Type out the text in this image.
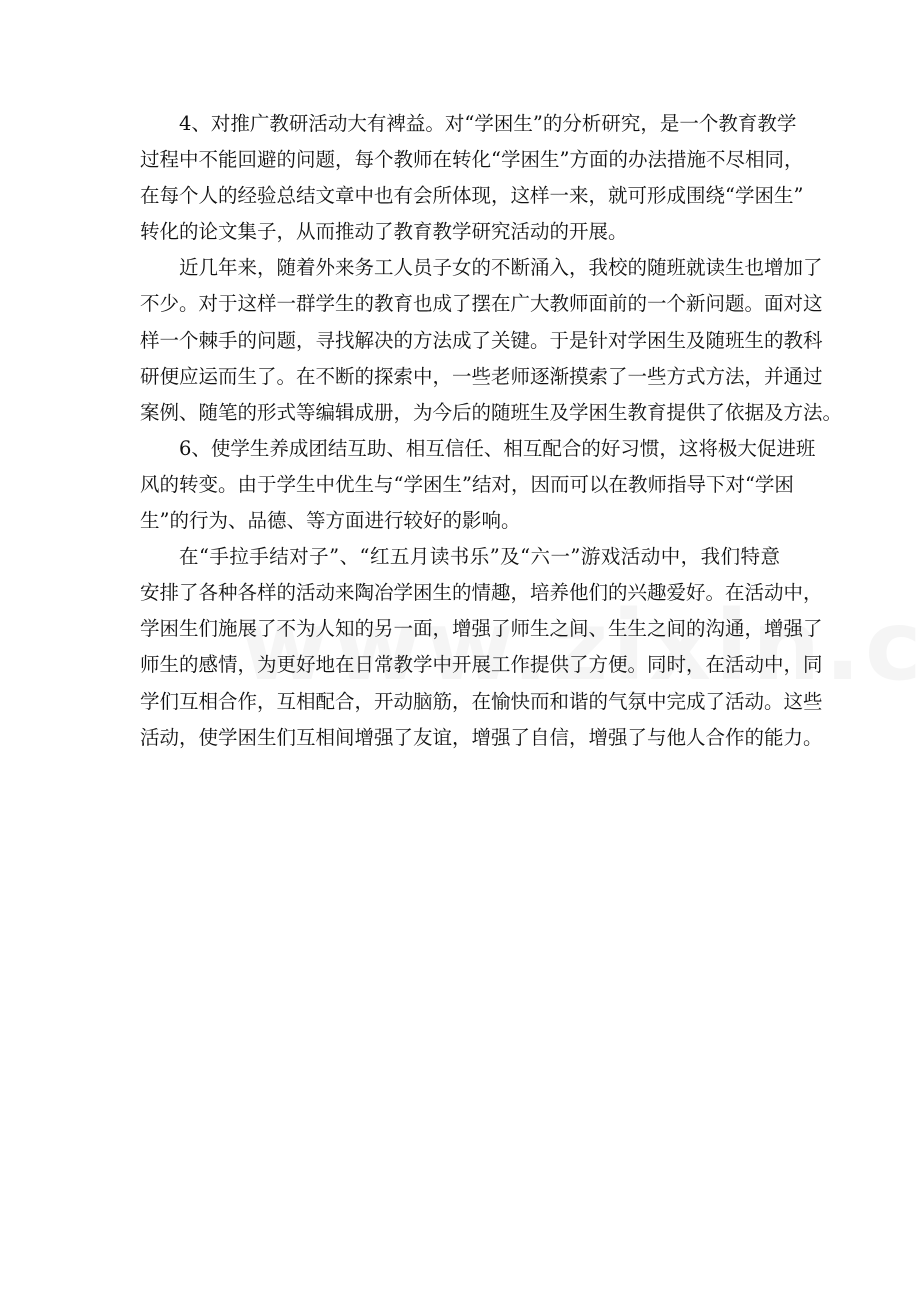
4、对推广教研活动大有裨益。对“学困生”的分析研究，是一个教育教学
过程中不能回避的问题，每个教师在转化“学困生”方面的办法措施不尽相同，
在每个人的经验总结文章中也有会所体现，这样一来，就可形成围绕“学困生”
转化的论文集子，从而推动了教育教学研究活动的开展。
近几年来，随着外来务工人员子女的不断涌入，我校的随班就读生也增加了
不少。对于这样一群学生的教育也成了摆在广大教师面前的一个新问题。面对这
样一个棘手的问题，寻找解决的方法成了关键。于是针对学困生及随班生的教科
研便应运而生了。在不断的探索中，一些老师逐渐摸索了一些方式方法，并通过
案例、随笔的形式等编辑成册，为今后的随班生及学困生教育提供了依据及方法。
6、使学生养成团结互助、相互信任、相互配合的好习惯，这将极大促进班
风的转变。由于学生中优生与“学困生”结对，因而可以在教师指导下对“学困
生”的行为、品德、等方面进行较好的影响。
在“手拉手结对子”、“红五月读书乐”及“六一”游戏活动中，我们特意
安排了各种各样的活动来陶冶学困生的情趣，培养他们的兴趣爱好。在活动中，
学困生们施展了不为人知的另一面，增强了师生之间、生生之间的沟通，增强了
师生的感情，为更好地在日常教学中开展工作提供了方便。同时，在活动中，同
学们互相合作，互相配合，开动脑筋，在愉快而和谐的气氛中完成了活动。这些
活动，使学困生们互相间增强了友谊，增强了自信，增强了与他人合作的能力。
